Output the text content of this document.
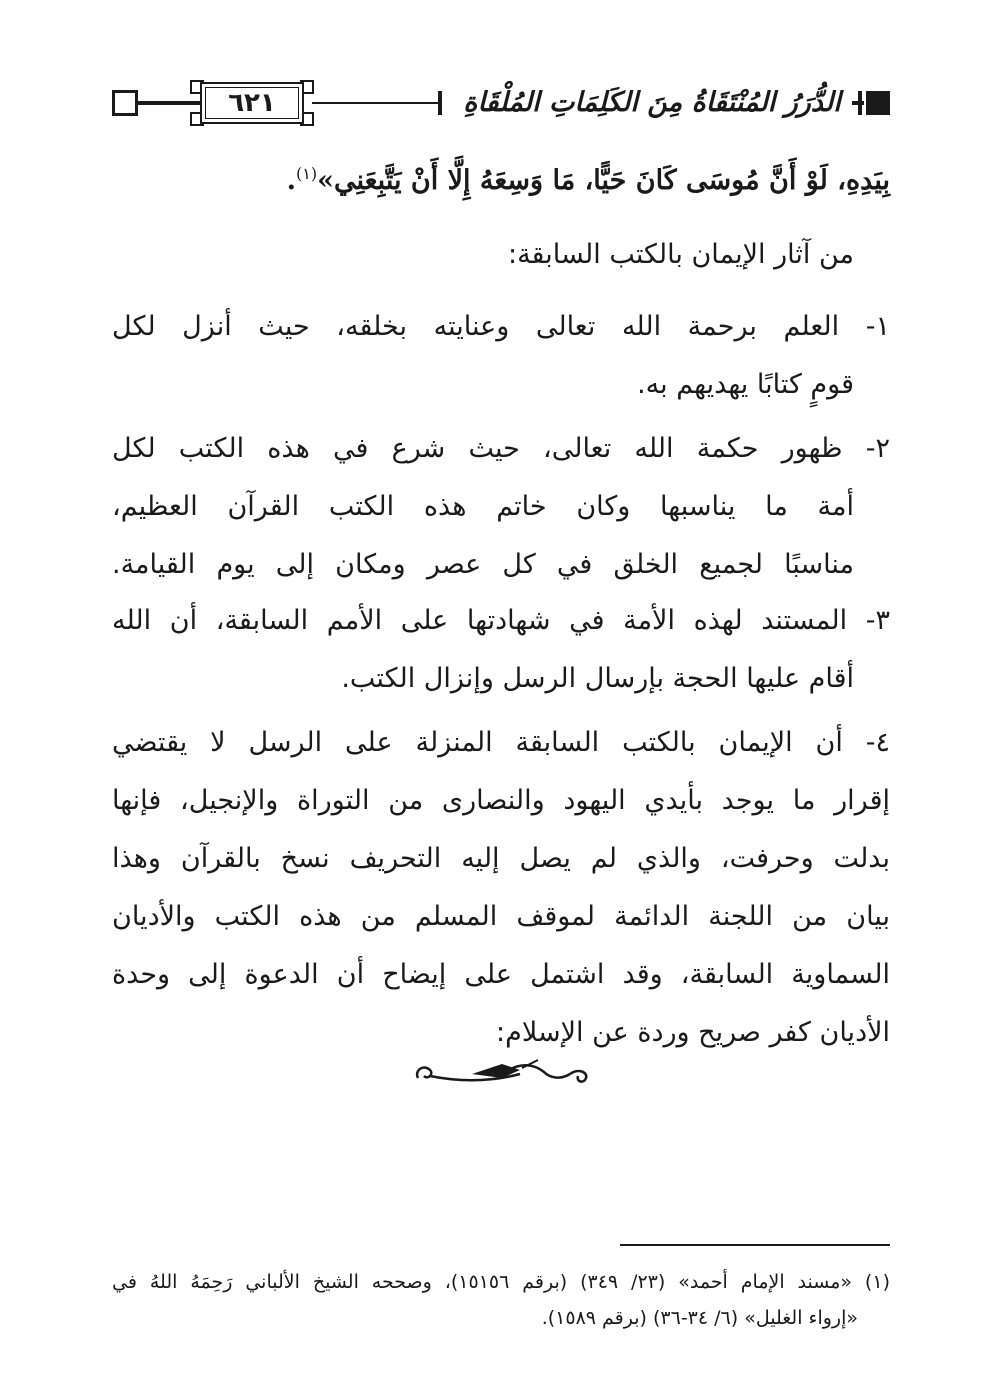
٦٢١	الدُّرَرُ المُنْتَقَاةُ مِنَ الكَلِمَاتِ المُلْقَاةِ
بِيَدِهِ، لَوْ أَنَّ مُوسَى كَانَ حَيًّا، مَا وَسِعَهُ إِلَّا أَنْ يَتَّبِعَنِي»$^{(١)}$.
من آثار الإيمان بالكتب السابقة:
١- العلم برحمة الله تعالى وعنايته بخلقه، حيث أنزل لكل
قومٍ كتابًا يهديهم به.
٢- ظهور حكمة الله تعالى، حيث شرع في هذه الكتب لكل
أمة ما يناسبها وكان خاتم هذه الكتب القرآن العظيم،
مناسبًا لجميع الخلق في كل عصر ومكان إلى يوم القيامة.
٣- المستند لهذه الأمة في شهادتها على الأمم السابقة، أن الله
أقام عليها الحجة بإرسال الرسل وإنزال الكتب.
٤- أن الإيمان بالكتب السابقة المنزلة على الرسل لا يقتضي
إقرار ما يوجد بأيدي اليهود والنصارى من التوراة والإنجيل، فإنها
بدلت وحرفت، والذي لم يصل إليه التحريف نسخ بالقرآن وهذا
بيان من اللجنة الدائمة لموقف المسلم من هذه الكتب والأديان
السماوية السابقة، وقد اشتمل على إيضاح أن الدعوة إلى وحدة
الأديان كفر صريح وردة عن الإسلام:
(١) «مسند الإمام أحمد» (٢٣/ ٣٤٩) (برقم ١٥١٥٦)، وصححه الشيخ الألباني رَحِمَهُ اللهُ في
«إرواء الغليل» (٦/ ٣٤-٣٦) (برقم ١٥٨٩).
